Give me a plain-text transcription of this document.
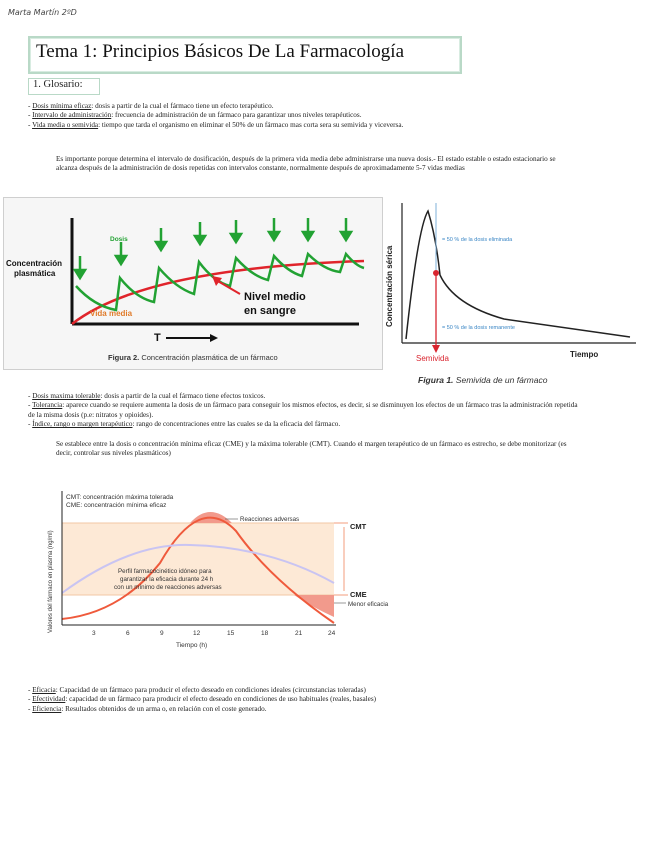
Marta Martín 2ºD
Tema 1: Principios Básicos De La Farmacología
1. Glosario:
- Dosis mínima eficaz: dosis a partir de la cual el fármaco tiene un efecto terapéutico.
- Intervalo de administración: frecuencia de administración de un fármaco para garantizar unos niveles terapéuticos.
- Vida media o semivida: tiempo que tarda el organismo en eliminar el 50% de un fármaco mas corta sera su semivida y viceversa.
Es importante porque determina el intervalo de dosificación, después de la primera vida media debe administrarse una nueva dosis.- El estado estable o estado estacionario se alcanza después de la administración de dosis repetidas con intervalos constante, normalmente después de aproximadamente 5-7 vidas medias
Concentración
plasmática
Dosis
Vida media
Nivel medio
en sangre
T
Figura 2. Concentración plasmática de un fármaco
= 50 % de la dosis eliminada
= 50 % de la dosis remanente
Semivida	Tiempo
Concentración sérica
Figura 1. Semivida de un fármaco
- Dosis maxima tolerable: dosis a partir de la cual el fármaco tiene efectos toxicos.
- Tolerancia: aparece cuando se requiere aumenta la dosis de un fármaco para conseguir los mismos efectos, es decir, si se disminuyen los efectos de un fármaco tras la administración repetida de la misma dosis (p.e: nitratos y opioides).
- Índice, rango o margen terapéutico: rango de concentraciones entre las cuales se da la eficacia del fármaco.
Se establece entre la dosis o concentración mínima eficaz (CME) y la máxima tolerable (CMT). Cuando el margen terapéutico de un fármaco es estrecho, se debe monitorizar (es decir, controlar sus niveles plasmáticos)
3	6	9	12	15	18	21	24
Tiempo (h)
Valores del fármaco en plasma (ng/ml)
CMT: concentración máxima tolerada
CME: concentración mínima eficaz
Reacciones adversas
Perfil farmacocinético idóneo para
garantizar la eficacia durante 24 h
con un mínimo de reacciones adversas
CMT
CME
Menor eficacia
- Eficacia: Capacidad de un fármaco para producir el efecto deseado en condiciones ideales (circunstancias toleradas)
- Efectividad: capacidad de un fármaco para producir el efecto deseado en condiciones de uso habituales (reales, basales)
- Eficiencia: Resultados obtenidos de un arma o, en relación con el coste generado.
